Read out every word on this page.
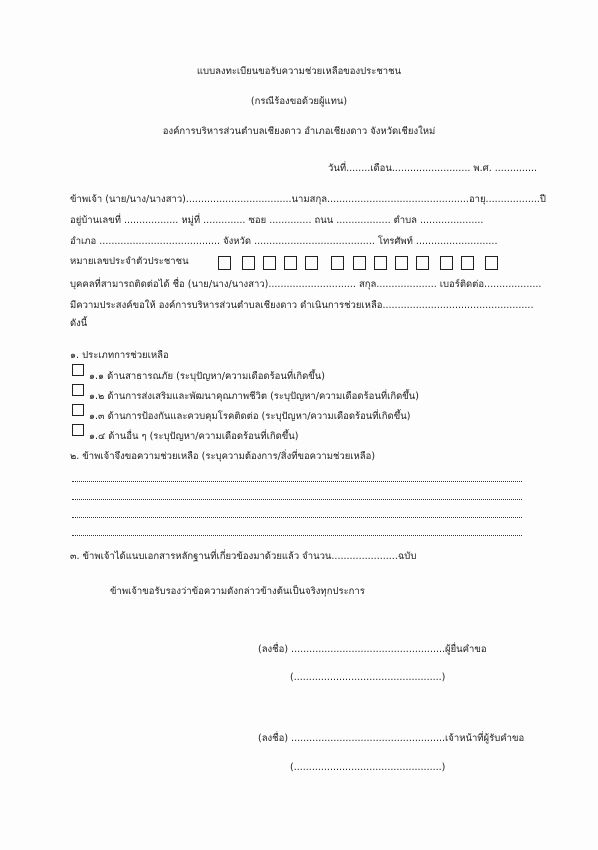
แบบลงทะเบียนขอรับความช่วยเหลือของประชาชน
(กรณีร้องขอด้วยผู้แทน)
องค์การบริหารส่วนตำบลเชียงดาว อำเภอเชียงดาว จังหวัดเชียงใหม่
วันที่........เดือน.......................... พ.ศ. ..............
ข้าพเจ้า (นาย/นาง/นางสาว)...................................นามสกุล...............................................อายุ..................ปี
อยู่บ้านเลขที่ .................. หมู่ที่ .............. ซอย .............. ถนน .................. ตำบล .....................
อำเภอ ........................................ จังหวัด ........................................ โทรศัพท์ ...........................
หมายเลขประจำตัวประชาชน

บุคคลที่สามารถติดต่อได้ ชื่อ (นาย/นาง/นางสาว)............................. สกุล.................... เบอร์ติดต่อ...................
มีความประสงค์ขอให้ องค์การบริหารส่วนตำบลเชียงดาว ดำเนินการช่วยเหลือ..................................................
ดังนี้
๑. ประเภทการช่วยเหลือ
๑.๑ ด้านสาธารณภัย (ระบุปัญหา/ความเดือดร้อนที่เกิดขึ้น)
๑.๒ ด้านการส่งเสริมและพัฒนาคุณภาพชีวิต (ระบุปัญหา/ความเดือดร้อนที่เกิดขึ้น)
๑.๓ ด้านการป้องกันและควบคุมโรคติดต่อ (ระบุปัญหา/ความเดือดร้อนที่เกิดขึ้น)
๑.๔ ด้านอื่น ๆ (ระบุปัญหา/ความเดือดร้อนที่เกิดขึ้น)
๒. ข้าพเจ้าจึงขอความช่วยเหลือ (ระบุความต้องการ/สิ่งที่ขอความช่วยเหลือ)
๓. ข้าพเจ้าได้แนบเอกสารหลักฐานที่เกี่ยวข้องมาด้วยแล้ว จำนวน......................ฉบับ
ข้าพเจ้าขอรับรองว่าข้อความดังกล่าวข้างต้นเป็นจริงทุกประการ
(ลงชื่อ) ...................................................ผู้ยื่นคำขอ
(.................................................)
(ลงชื่อ) ...................................................เจ้าหน้าที่ผู้รับคำขอ
(.................................................)
